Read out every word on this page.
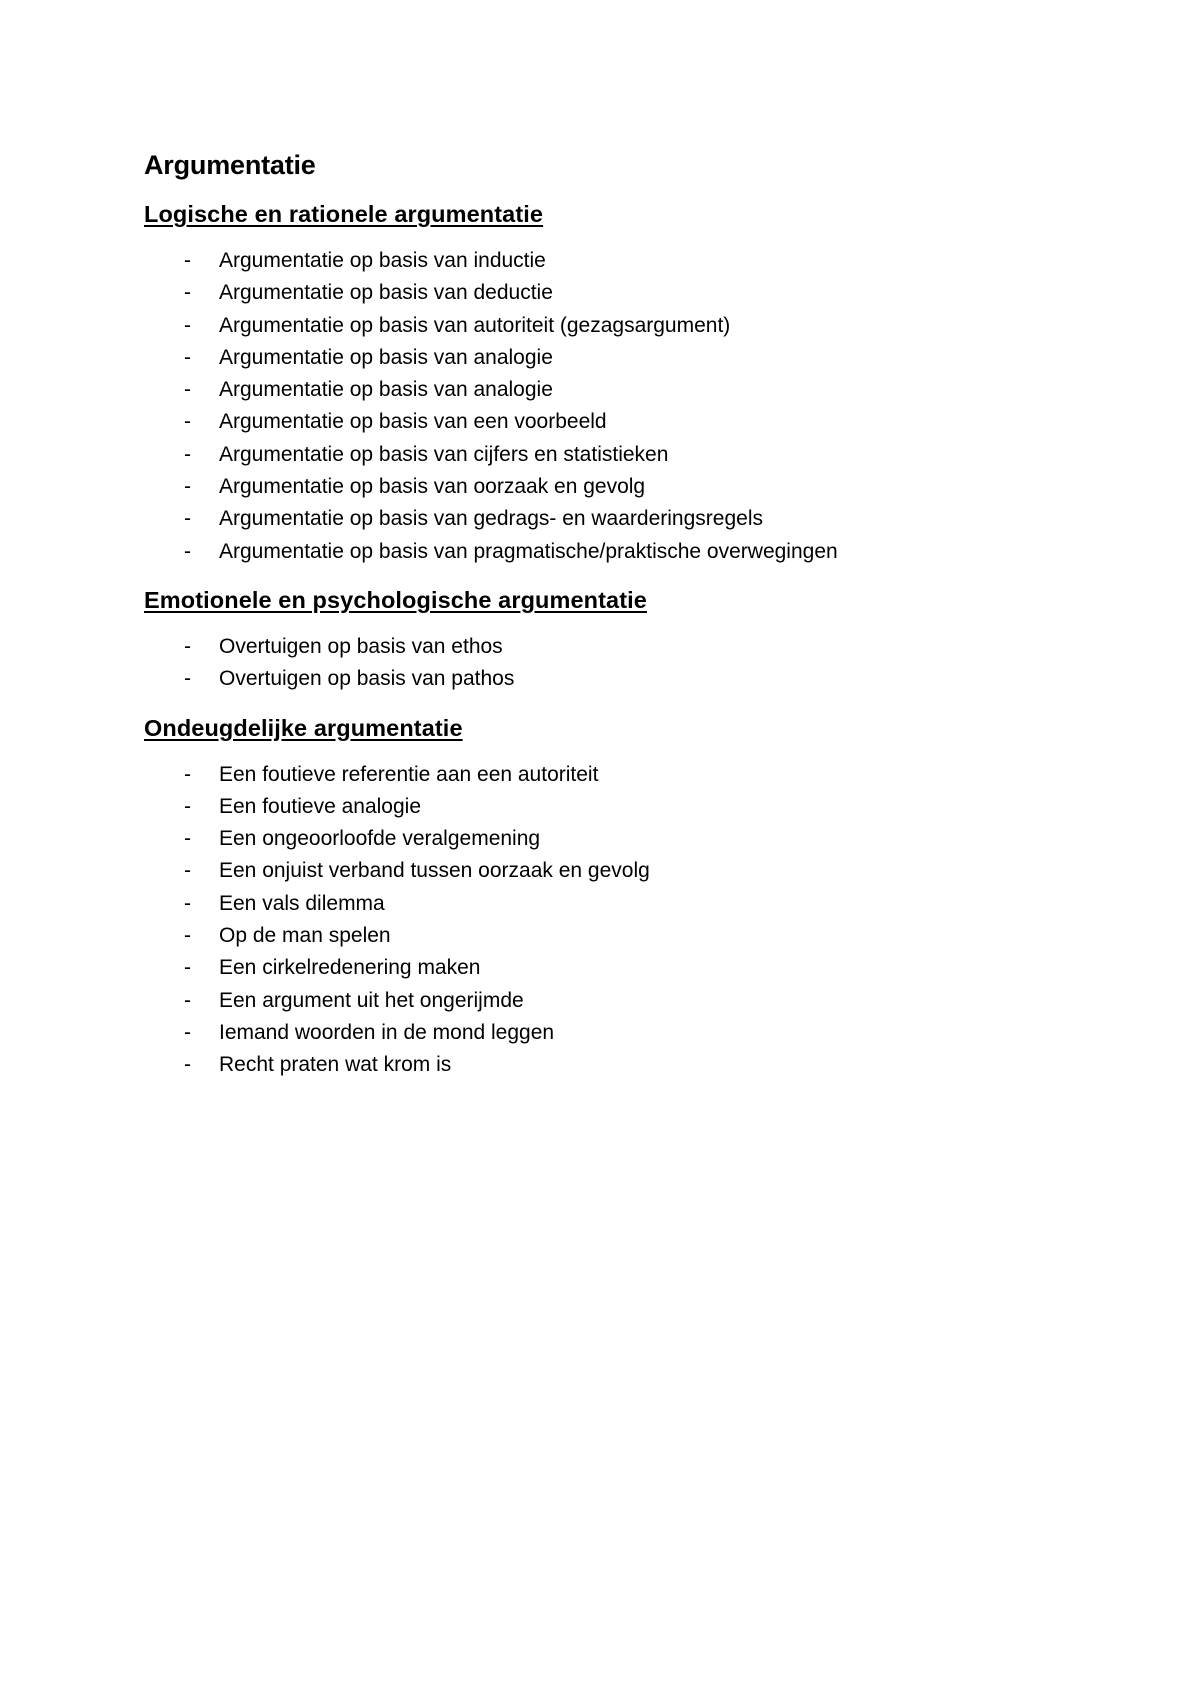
Argumentatie
Logische en rationele argumentatie
-	Argumentatie op basis van inductie
-	Argumentatie op basis van deductie
-	Argumentatie op basis van autoriteit (gezagsargument)
-	Argumentatie op basis van analogie
-	Argumentatie op basis van analogie
-	Argumentatie op basis van een voorbeeld
-	Argumentatie op basis van cijfers en statistieken
-	Argumentatie op basis van oorzaak en gevolg
-	Argumentatie op basis van gedrags- en waarderingsregels
-	Argumentatie op basis van pragmatische/praktische overwegingen
Emotionele en psychologische argumentatie
-	Overtuigen op basis van ethos
-	Overtuigen op basis van pathos
Ondeugdelijke argumentatie
-	Een foutieve referentie aan een autoriteit
-	Een foutieve analogie
-	Een ongeoorloofde veralgemening
-	Een onjuist verband tussen oorzaak en gevolg
-	Een vals dilemma
-	Op de man spelen
-	Een cirkelredenering maken
-	Een argument uit het ongerijmde
-	Iemand woorden in de mond leggen
-	Recht praten wat krom is
